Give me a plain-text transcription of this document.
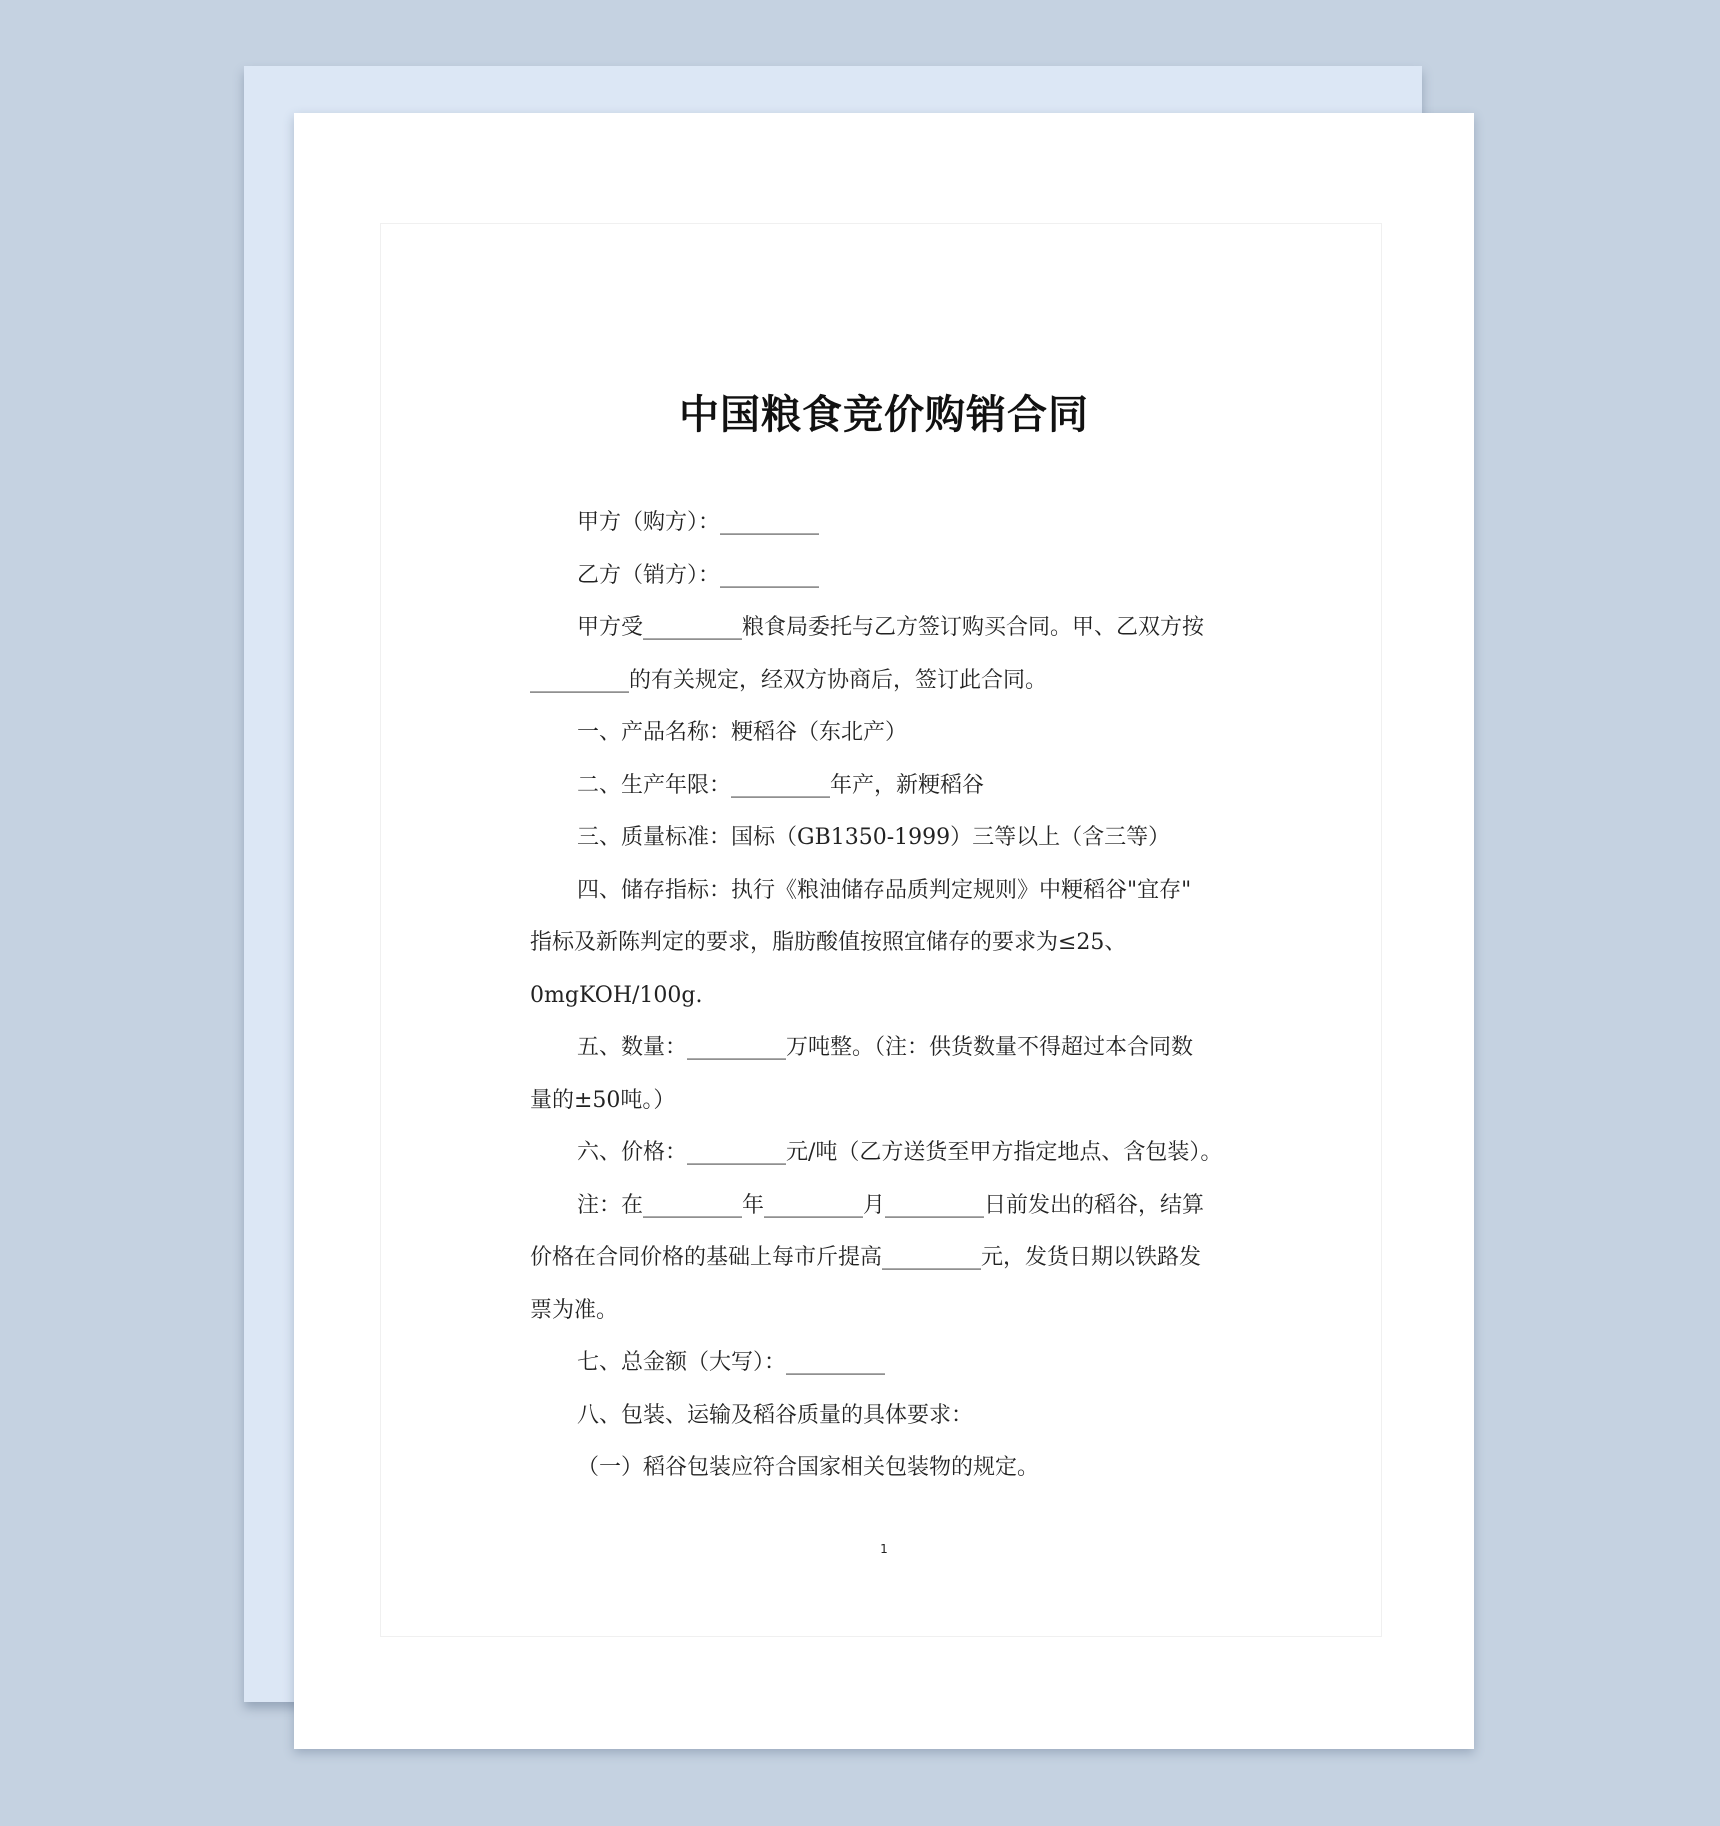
中国粮食竞价购销合同

甲方（购方）：_________

乙方（销方）：_________

甲方受_________粮食局委托与乙方签订购买合同。甲、乙双方按

_________的有关规定，经双方协商后，签订此合同。

一、产品名称：粳稻谷（东北产）

二、生产年限：_________年产，新粳稻谷

三、质量标准：国标（GB1350-1999）三等以上（含三等）

四、储存指标：执行《粮油储存品质判定规则》中粳稻谷"宜存"

指标及新陈判定的要求，脂肪酸值按照宜储存的要求为≤25、

0mgKOH/100g.

五、数量：_________万吨整。（注：供货数量不得超过本合同数

量的±50吨。）

六、价格：_________元/吨（乙方送货至甲方指定地点、含包装）。

注：在_________年_________月_________日前发出的稻谷，结算

价格在合同价格的基础上每市斤提高_________元，发货日期以铁路发

票为准。

七、总金额（大写）：_________

八、包装、运输及稻谷质量的具体要求：

（一）稻谷包装应符合国家相关包装物的规定。

1
